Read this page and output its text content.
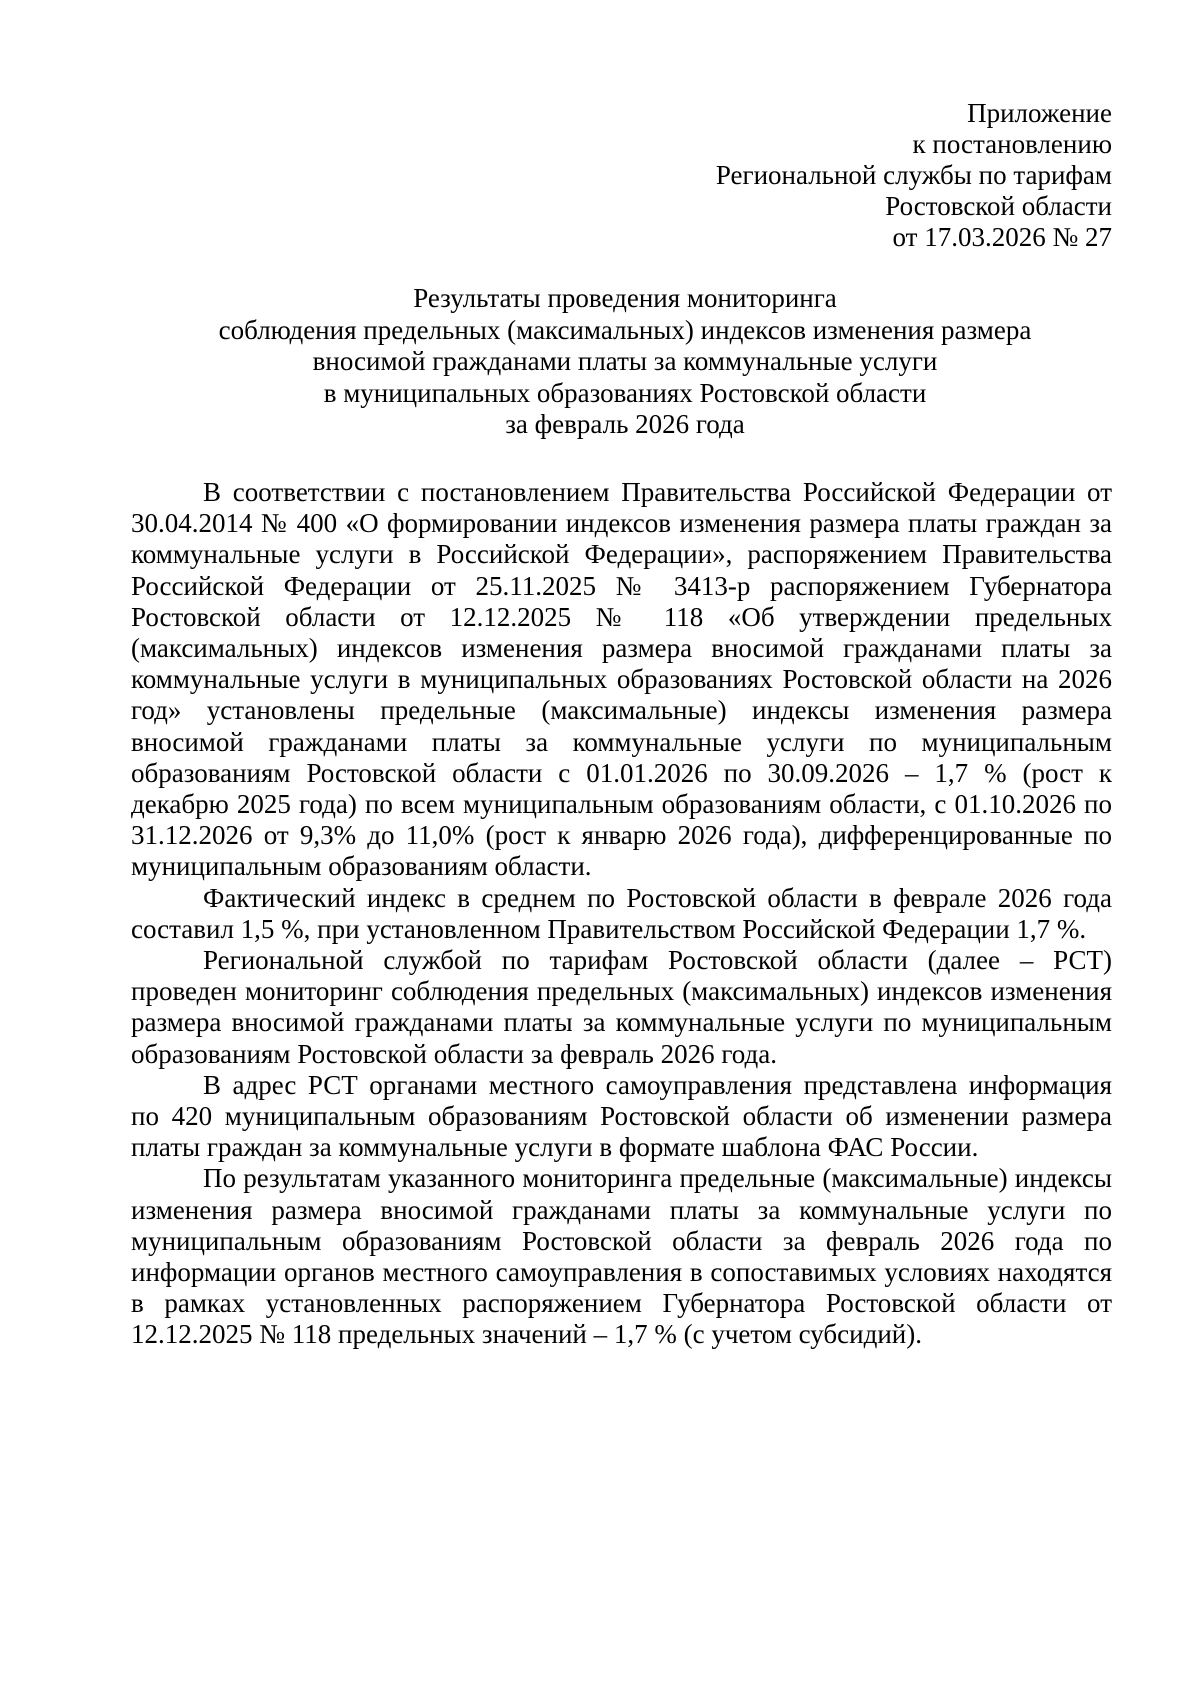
Приложение
к постановлению
Региональной службы по тарифам
Ростовской области
от 17.03.2026 № 27
Результаты проведения мониторинга
соблюдения предельных (максимальных) индексов изменения размера
вносимой гражданами платы за коммунальные услуги
в муниципальных образованиях Ростовской области
за февраль 2026 года

В соответствии с постановлением Правительства Российской Федерации от 30.04.2014 № 400 «О формировании индексов изменения размера платы граждан за коммунальные услуги в Российской Федерации», распоряжением Правительства Российской Федерации от 25.11.2025 № 3413-р распоряжением Губернатора Ростовской области от 12.12.2025 № 118 «Об утверждении предельных (максимальных) индексов изменения размера вносимой гражданами платы за коммунальные услуги в муниципальных образованиях Ростовской области на 2026 год» установлены предельные (максимальные) индексы изменения размера вносимой гражданами платы за коммунальные услуги по муниципальным образованиям Ростовской области с 01.01.2026 по 30.09.2026 – 1,7 % (рост к декабрю 2025 года) по всем муниципальным образованиям области, с 01.10.2026 по 31.12.2026 от 9,3% до 11,0% (рост к январю 2026 года), дифференцированные по муниципальным образованиям области.

Фактический индекс в среднем по Ростовской области в феврале 2026 года составил 1,5 %, при установленном Правительством Российской Федерации 1,7 %.

Региональной службой по тарифам Ростовской области (далее – РСТ) проведен мониторинг соблюдения предельных (максимальных) индексов изменения размера вносимой гражданами платы за коммунальные услуги по муниципальным образованиям Ростовской области за февраль 2026 года.

В адрес РСТ органами местного самоуправления представлена информация по 420 муниципальным образованиям Ростовской области об изменении размера платы граждан за коммунальные услуги в формате шаблона ФАС России.

По результатам указанного мониторинга предельные (максимальные) индексы изменения размера вносимой гражданами платы за коммунальные услуги по муниципальным образованиям Ростовской области за февраль 2026 года по информации органов местного самоуправления в сопоставимых условиях находятся в рамках установленных распоряжением Губернатора Ростовской области от 12.12.2025 № 118 предельных значений – 1,7 % (с учетом субсидий).
